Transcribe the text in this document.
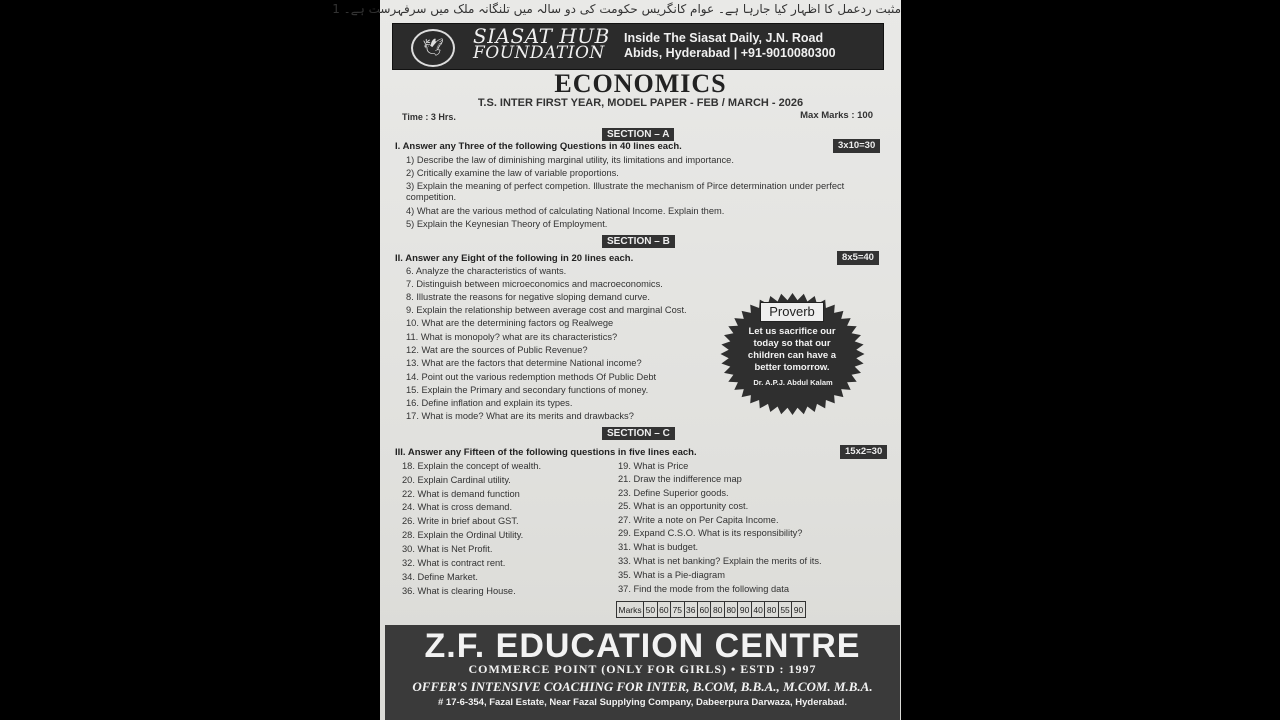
مثبت ردعمل کا اظہار کیا جارہا ہے۔ عوام کانگریس حکومت کی دو سالہ میں تلنگانہ ملک میں سرفہرست ہے۔ 1
🕊	SIASAT HUB
FOUNDATION
Inside The Siasat Daily, J.N. Road
Abids, Hyderabad | +91-9010080300
ECONOMICS
T.S. INTER FIRST YEAR, MODEL PAPER - FEB / MARCH - 2026
Time : 3 Hrs.	Max Marks : 100
SECTION – A
I. Answer any Three of the following Questions in 40 lines each.	3x10=30
1) Describe the law of diminishing marginal utility, its limitations and importance.
2) Critically examine the law of variable proportions.
3) Explain the meaning of perfect competion. Illustrate the mechanism of Pirce determination under perfect competition.
4) What are the various method of calculating National Income. Explain them.
5) Explain the Keynesian Theory of Employment.
SECTION – B
II. Answer any Eight of the following in 20 lines each.	8x5=40
6. Analyze the characteristics of wants.
7. Distinguish between microeconomics and macroeconomics.
8. Illustrate the reasons for negative sloping demand curve.
9. Explain the relationship between average cost and marginal Cost.
10. What are the determining factors og Realwege
11. What is monopoly? what are its characteristics?
12. Wat are the sources of Public Revenue?
13. What are the factors that determine National income?
14. Point out the various redemption methods Of Public Debt
15. Explain the Primary and secondary functions of money.
16. Define inflation and explain its types.
17. What is mode? What are its merits and drawbacks?
Proverb
Let us sacrifice our today so that our children can have a better tomorrow.
Dr. A.P.J. Abdul Kalam
SECTION – C
III. Answer any Fifteen of the following questions in five lines each.	15x2=30
18. Explain the concept of wealth.
20. Explain Cardinal utility.
22. What is demand function
24. What is cross demand.
26. Write in brief about GST.
28. Explain the Ordinal Utility.
30. What is Net Profit.
32. What is contract rent.
34. Define Market.
36. What is clearing House.
19. What is Price
21. Draw the indifference map
23. Define Superior goods.
25. What is an opportunity cost.
27. Write a note on Per Capita Income.
29. Expand C.S.O. What is its responsibility?
31. What is budget.
33. What is net banking? Explain the merits of its.
35. What is a Pie-diagram
37. Find the mode from the following data
Marks	50	60	75	36	60	80	80	90	40	80	55	90
Z.F. EDUCATION CENTRE
COMMERCE POINT (ONLY FOR GIRLS) • ESTD : 1997
OFFER'S INTENSIVE COACHING FOR INTER, B.COM, B.B.A., M.COM. M.B.A.
# 17-6-354, Fazal Estate, Near Fazal Supplying Company, Dabeerpura Darwaza, Hyderabad.
